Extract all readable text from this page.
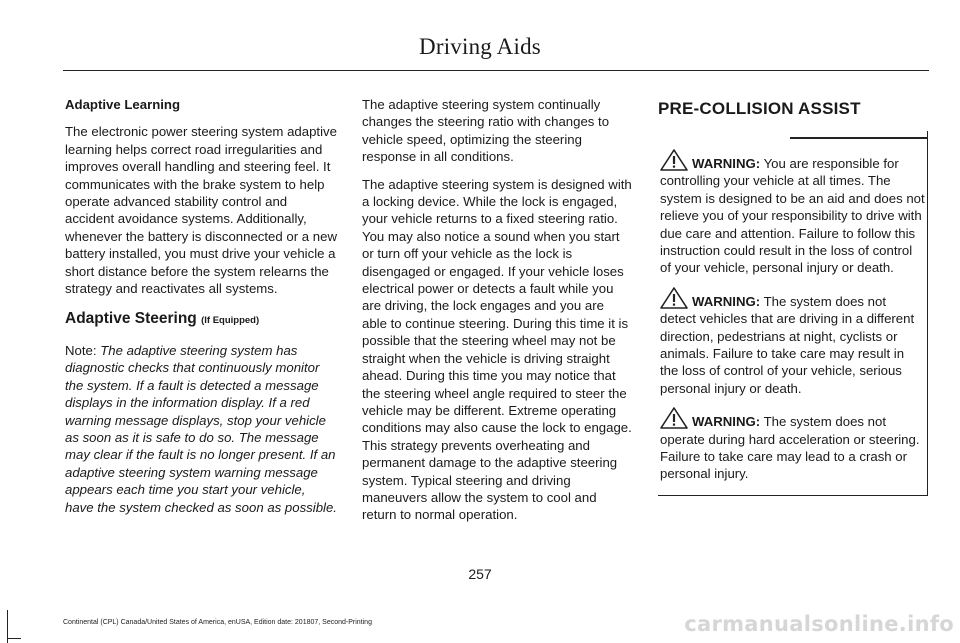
Driving Aids

Adaptive Learning

The electronic power steering system adaptive learning helps correct road irregularities and improves overall handling and steering feel. It communicates with the brake system to help operate advanced stability control and accident avoidance systems. Additionally, whenever the battery is disconnected or a new battery installed, you must drive your vehicle a short distance before the system relearns the strategy and reactivates all systems.

Adaptive Steering (If Equipped)

Note: The adaptive steering system has diagnostic checks that continuously monitor the system. If a fault is detected a message displays in the information display. If a red warning message displays, stop your vehicle as soon as it is safe to do so. The message may clear if the fault is no longer present. If an adaptive steering system warning message appears each time you start your vehicle, have the system checked as soon as possible.

The adaptive steering system continually changes the steering ratio with changes to vehicle speed, optimizing the steering response in all conditions.

The adaptive steering system is designed with a locking device. While the lock is engaged, your vehicle returns to a fixed steering ratio. You may also notice a sound when you start or turn off your vehicle as the lock is disengaged or engaged. If your vehicle loses electrical power or detects a fault while you are driving, the lock engages and you are able to continue steering. During this time it is possible that the steering wheel may not be straight when the vehicle is driving straight ahead. During this time you may notice that the steering wheel angle required to steer the vehicle may be different. Extreme operating conditions may also cause the lock to engage. This strategy prevents overheating and permanent damage to the adaptive steering system. Typical steering and driving maneuvers allow the system to cool and return to normal operation.

PRE-COLLISION ASSIST

WARNING: You are responsible for controlling your vehicle at all times. The system is designed to be an aid and does not relieve you of your responsibility to drive with due care and attention. Failure to follow this instruction could result in the loss of control of your vehicle, personal injury or death.

WARNING: The system does not detect vehicles that are driving in a different direction, pedestrians at night, cyclists or animals. Failure to take care may result in the loss of control of your vehicle, serious personal injury or death.

WARNING: The system does not operate during hard acceleration or steering. Failure to take care may lead to a crash or personal injury.

257
Continental (CPL) Canada/United States of America, enUSA, Edition date: 201807, Second-Printing	carmanualsonline.info
